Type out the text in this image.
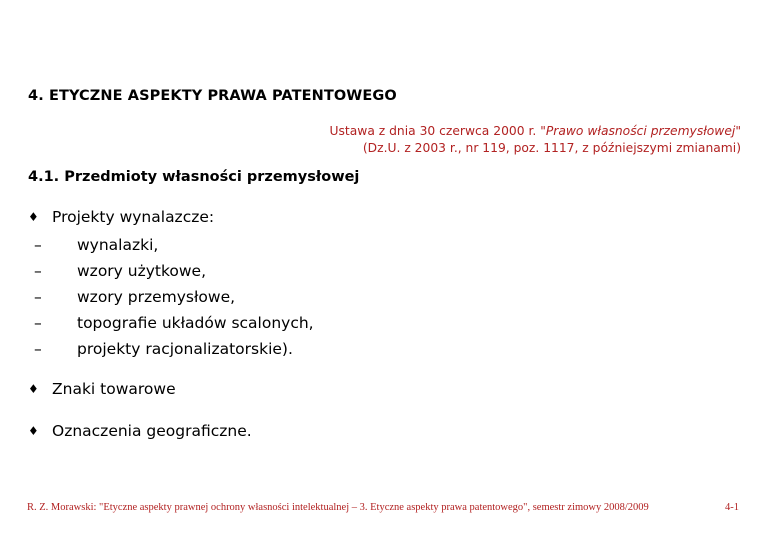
4. ETYCZNE ASPEKTY PRAWA PATENTOWEGO
Ustawa z dnia 30 czerwca 2000 r. "Prawo własności przemysłowej"
(Dz.U. z 2003 r., nr 119, poz. 1117, z późniejszymi zmianami)
4.1. Przedmioty własności przemysłowej
♦ Projekty wynalazcze:
– wynalazki,
– wzory użytkowe,
– wzory przemysłowe,
– topografie układów scalonych,
– projekty racjonalizatorskie).
♦ Znaki towarowe
♦ Oznaczenia geograficzne.
R. Z. Morawski: "Etyczne aspekty prawnej ochrony własności intelektualnej – 3. Etyczne aspekty prawa patentowego", semestr zimowy 2008/2009	4-1
